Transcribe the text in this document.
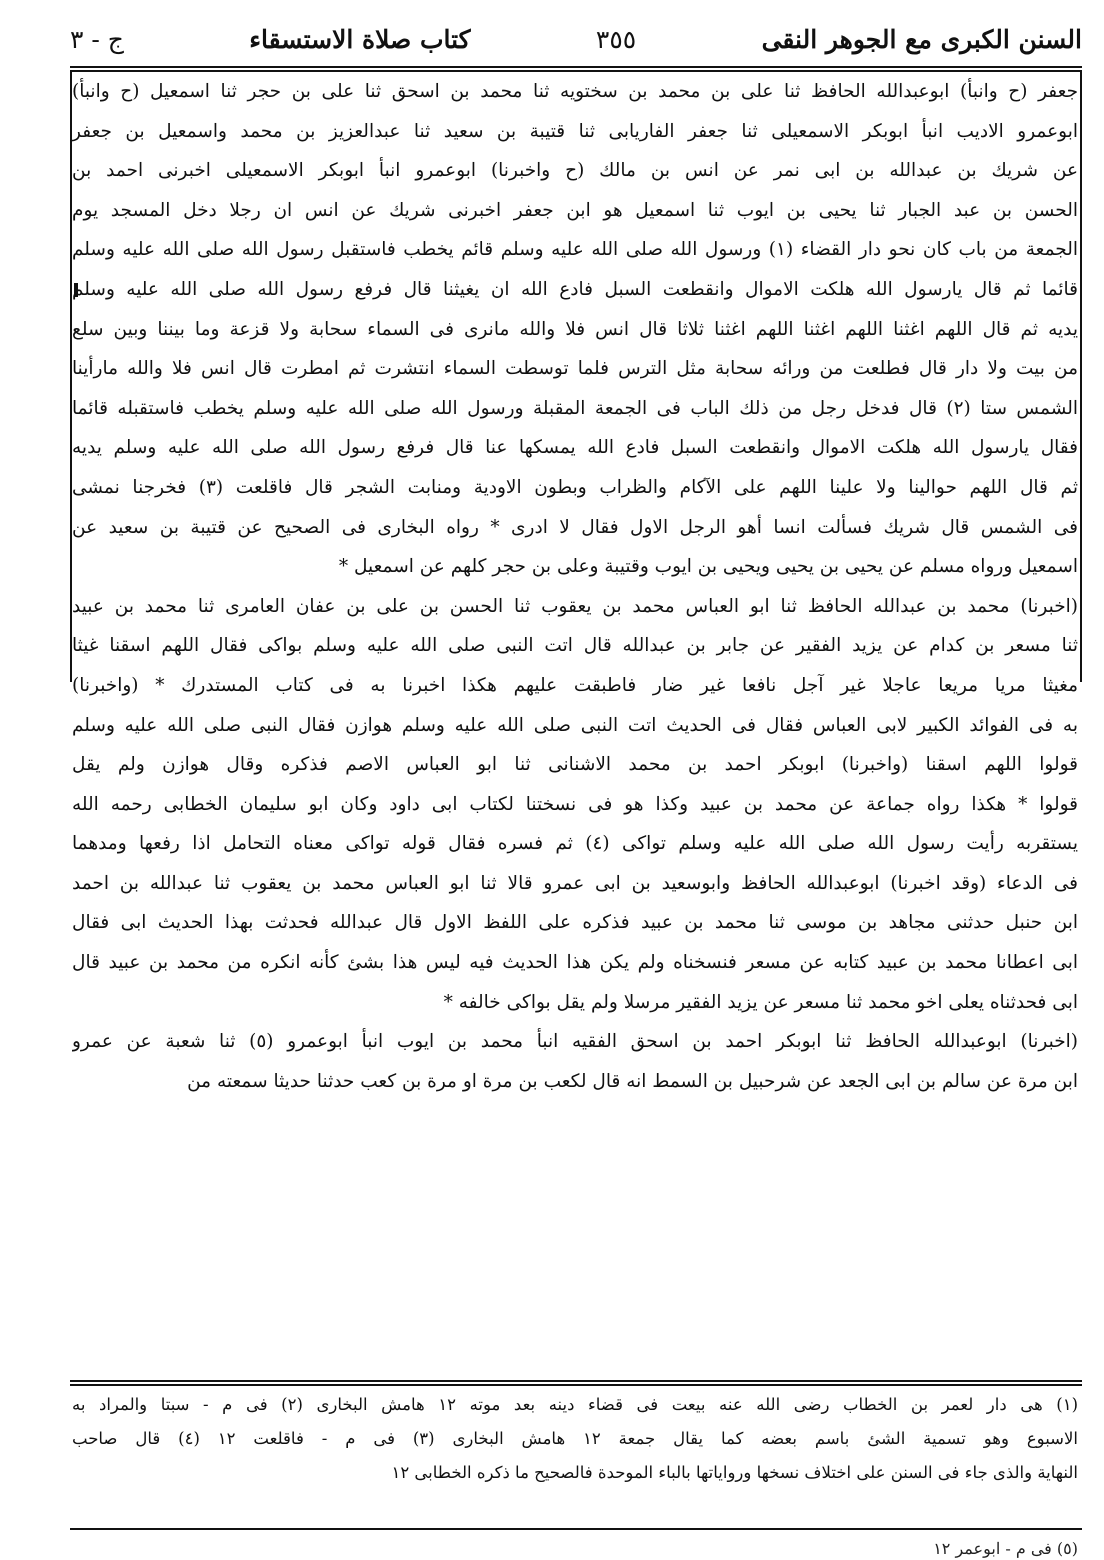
السنن الكبرى مع الجوهر النقى
٣٥٥
كتاب صلاة الاستسقاء
ج - ٣
جعفر (ح وانبأ) ابوعبدالله الحافظ ثنا على بن محمد بن سختويه ثنا محمد بن اسحق ثنا على بن حجر ثنا اسمعيل (ح وانبأ)
ابوعمرو الاديب انبأ ابوبكر الاسمعيلى ثنا جعفر الفاريابى ثنا قتيبة بن سعيد ثنا عبدالعزيز بن محمد واسمعيل بن جعفر
عن شريك بن عبدالله بن ابى نمر عن انس بن مالك (ح واخبرنا) ابوعمرو انبأ ابوبكر الاسمعيلى اخبرنى احمد بن
الحسن بن عبد الجبار ثنا يحيى بن ايوب ثنا اسمعيل هو ابن جعفر اخبرنى شريك عن انس ان رجلا دخل المسجد يوم
الجمعة من باب كان نحو دار القضاء (١) ورسول الله صلى الله عليه وسلم قائم يخطب فاستقبل رسول الله صلى الله عليه وسلم
قائما ثم قال يارسول الله هلكت الاموال وانقطعت السبل فادع الله ان يغيثنا قال فرفع رسول الله صلى الله عليه وسلم
يديه ثم قال اللهم اغثنا اللهم اغثنا اللهم اغثنا ثلاثا قال انس فلا والله مانرى فى السماء سحابة ولا قزعة وما بيننا وبين سلع
من بيت ولا دار قال فطلعت من ورائه سحابة مثل الترس فلما توسطت السماء انتشرت ثم امطرت قال انس فلا والله مارأينا
الشمس ستا (٢) قال فدخل رجل من ذلك الباب فى الجمعة المقبلة ورسول الله صلى الله عليه وسلم يخطب فاستقبله قائما
فقال يارسول الله هلكت الاموال وانقطعت السبل فادع الله يمسكها عنا قال فرفع رسول الله صلى الله عليه وسلم يديه
ثم قال اللهم حوالينا ولا علينا اللهم على الآكام والظراب وبطون الاودية ومنابت الشجر قال فاقلعت (٣) فخرجنا نمشى
فى الشمس قال شريك فسألت انسا أهو الرجل الاول فقال لا ادرى * رواه البخارى فى الصحيح عن قتيبة بن سعيد عن
اسمعيل ورواه مسلم عن يحيى بن يحيى ويحيى بن ايوب وقتيبة وعلى بن حجر كلهم عن اسمعيل *
(اخبرنا) محمد بن عبدالله الحافظ ثنا ابو العباس محمد بن يعقوب ثنا الحسن بن على بن عفان العامرى ثنا محمد بن عبيد
ثنا مسعر بن كدام عن يزيد الفقير عن جابر بن عبدالله قال اتت النبى صلى الله عليه وسلم بواكى فقال اللهم اسقنا غيثا
مغيثا مريا مريعا عاجلا غير آجل نافعا غير ضار فاطبقت عليهم هكذا اخبرنا به فى كتاب المستدرك * (واخبرنا)
به فى الفوائد الكبير لابى العباس فقال فى الحديث اتت النبى صلى الله عليه وسلم هوازن فقال النبى صلى الله عليه وسلم
قولوا اللهم اسقنا (واخبرنا) ابوبكر احمد بن محمد الاشنانى ثنا ابو العباس الاصم فذكره وقال هوازن ولم يقل
قولوا * هكذا رواه جماعة عن محمد بن عبيد وكذا هو فى نسختنا لكتاب ابى داود وكان ابو سليمان الخطابى رحمه الله
يستقربه رأيت رسول الله صلى الله عليه وسلم تواكى (٤) ثم فسره فقال قوله تواكى معناه التحامل اذا رفعها ومدهما
فى الدعاء (وقد اخبرنا) ابوعبدالله الحافظ وابوسعيد بن ابى عمرو قالا ثنا ابو العباس محمد بن يعقوب ثنا عبدالله بن احمد
ابن حنبل حدثنى مجاهد بن موسى ثنا محمد بن عبيد فذكره على اللفظ الاول قال عبدالله فحدثت بهذا الحديث ابى فقال
ابى اعطانا محمد بن عبيد كتابه عن مسعر فنسخناه ولم يكن هذا الحديث فيه ليس هذا بشئ كأنه انكره من محمد بن عبيد قال
ابى فحدثناه يعلى اخو محمد ثنا مسعر عن يزيد الفقير مرسلا ولم يقل بواكى خالفه *
(اخبرنا) ابوعبدالله الحافظ ثنا ابوبكر احمد بن اسحق الفقيه انبأ محمد بن ايوب انبأ ابوعمرو (٥) ثنا شعبة عن عمرو
ابن مرة عن سالم بن ابى الجعد عن شرحبيل بن السمط انه قال لكعب بن مرة او مرة بن كعب حدثنا حديثا سمعته من
(١) هى دار لعمر بن الخطاب رضى الله عنه بيعت فى قضاء دينه بعد موته ١٢ هامش البخارى (٢) فى م - سبتا والمراد به
الاسبوع وهو تسمية الشئ باسم بعضه كما يقال جمعة ١٢ هامش البخارى (٣) فى م - فاقلعت ١٢ (٤) قال صاحب
النهاية والذى جاء فى السنن على اختلاف نسخها ورواياتها بالباء الموحدة فالصحيح ما ذكره الخطابى ١٢
(٥) فى م - ابوعمر ١٢
